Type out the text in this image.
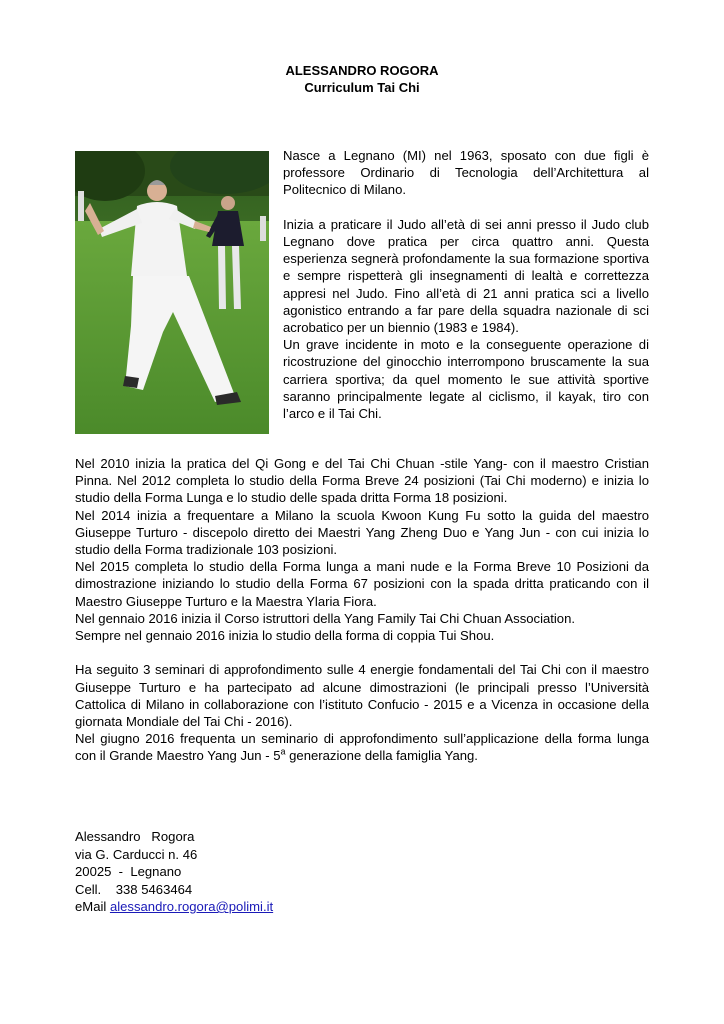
ALESSANDRO ROGORA
Curriculum Tai Chi

Nasce a Legnano (MI) nel 1963, sposato con due figli è professore Ordinario di Tecnologia dell’Architettura al Politecnico di Milano.

Inizia a praticare il Judo all’età di sei anni presso il Judo club Legnano dove pratica per circa quattro anni. Questa esperienza segnerà profondamente la sua formazione sportiva e sempre rispetterà gli insegnamenti di lealtà e correttezza appresi nel Judo. Fino all’età di 21 anni pratica sci a livello agonistico entrando a far pare della squadra nazionale di sci acrobatico per un biennio (1983 e 1984).

Un grave incidente in moto e la conseguente operazione di ricostruzione del ginocchio interrompono bruscamente la sua carriera sportiva; da quel momento le sue attività sportive saranno principalmente legate al ciclismo, il kayak, tiro con l’arco e il Tai Chi.

Nel 2010 inizia la pratica del Qi Gong e del Tai Chi Chuan -stile Yang- con il maestro Cristian Pinna. Nel 2012 completa lo studio della Forma Breve 24 posizioni (Tai Chi moderno) e inizia lo studio della Forma Lunga e lo studio delle spada dritta Forma 18 posizioni.

Nel 2014 inizia a frequentare a Milano la scuola Kwoon Kung Fu sotto la guida del maestro Giuseppe Turturo - discepolo diretto dei Maestri Yang Zheng Duo e Yang Jun - con cui inizia lo studio della Forma tradizionale 103 posizioni.

Nel 2015 completa lo studio della Forma lunga a mani nude e la Forma Breve 10 Posizioni da dimostrazione iniziando lo studio della Forma 67 posizioni con la spada dritta praticando con il Maestro Giuseppe Turturo e la Maestra Ylaria Fiora.

Nel gennaio 2016 inizia il Corso istruttori della Yang Family Tai Chi Chuan Association.

Sempre nel gennaio 2016 inizia lo studio della forma di coppia Tui Shou.

Ha seguito 3 seminari di approfondimento sulle 4 energie fondamentali del Tai Chi con il maestro Giuseppe Turturo e ha partecipato ad alcune dimostrazioni (le principali presso l’Università Cattolica di Milano in collaborazione con l’istituto Confucio - 2015 e a Vicenza in occasione della giornata Mondiale del Tai Chi - 2016).

Nel giugno 2016 frequenta un seminario di approfondimento sull’applicazione della forma lunga con il Grande Maestro Yang Jun - 5$^a$ generazione della famiglia Yang.

Alessandro   Rogora
via G. Carducci n. 46
20025  -  Legnano
Cell.    338 5463464
eMail alessandro.rogora@polimi.it
